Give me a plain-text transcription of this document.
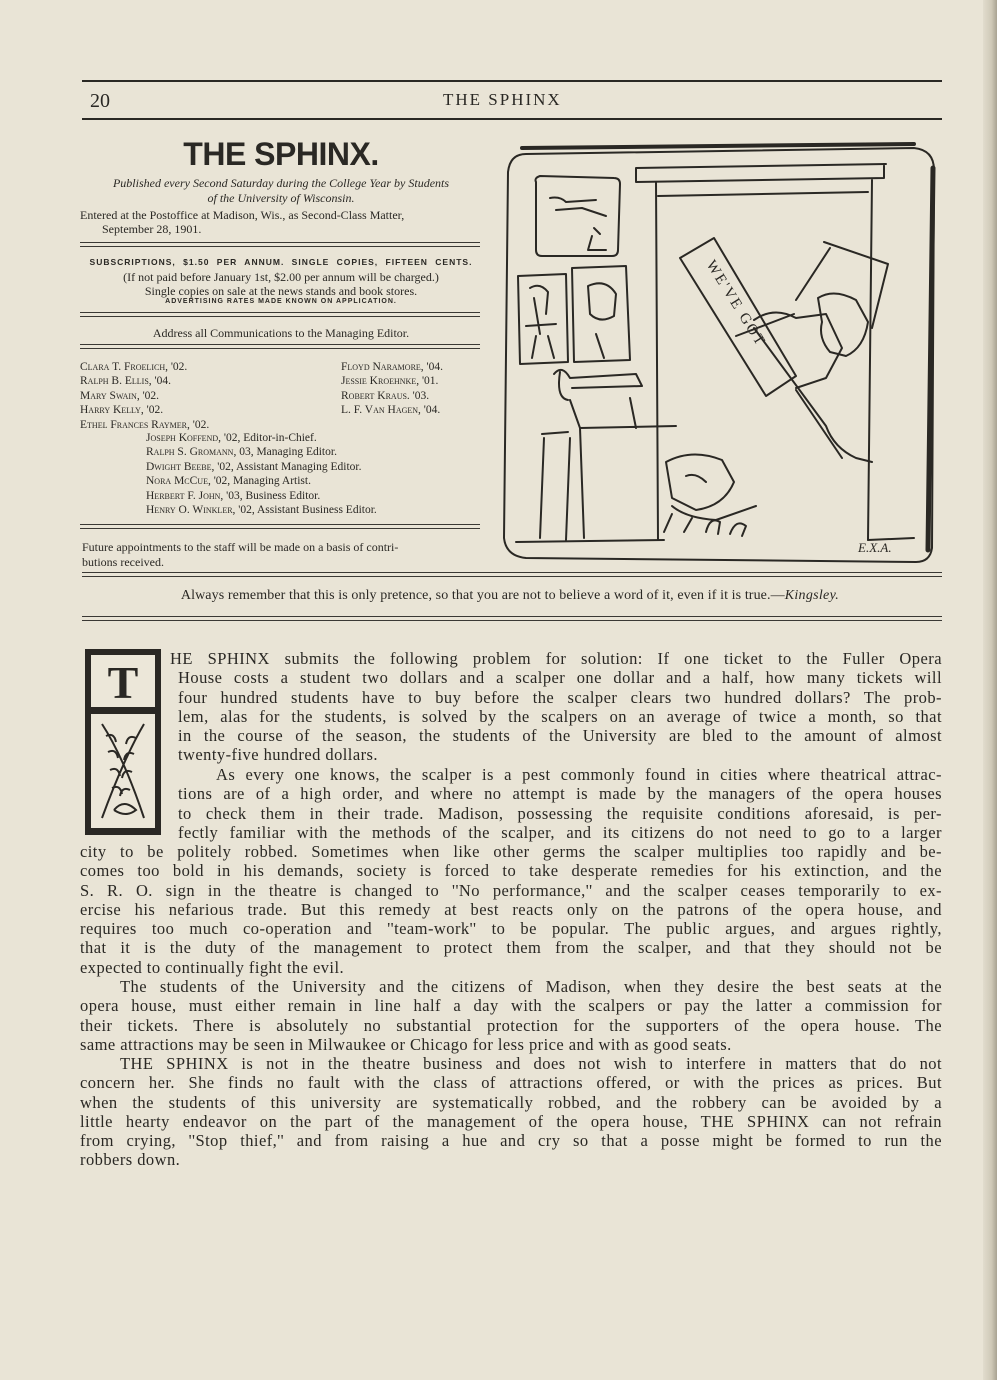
20	THE SPHINX
THE SPHINX.
Published every Second Saturday during the College Year by Students
of the University of Wisconsin.
Entered at the Postoffice at Madison, Wis., as Second-Class Matter,
September 28, 1901.
SUBSCRIPTIONS, $1.50 PER ANNUM. SINGLE COPIES, FIFTEEN CENTS.
(If not paid before January 1st, $2.00 per annum will be charged.)
Single copies on sale at the news stands and book stores.
ADVERTISING RATES MADE KNOWN ON APPLICATION.
Address all Communications to the Managing Editor.
Clara T. Froelich, '02.
Ralph B. Ellis, '04.
Mary Swain, '02.
Harry Kelly, '02.
Ethel Frances Raymer, '02.
Floyd Naramore, '04.
Jessie Kroehnke, '01.
Robert Kraus. '03.
L. F. Van Hagen, '04.
Joseph Koffend, '02, Editor-in-Chief.
Ralph S. Gromann, 03, Managing Editor.
Dwight Beebe, '02, Assistant Managing Editor.
Nora McCue, '02, Managing Artist.
Herbert F. John, '03, Business Editor.
Henry O. Winkler, '02, Assistant Business Editor.
Future appointments to the staff will be made on a basis of contri-
butions received.
WE'VE GOT
E.X.A.
Always remember that this is only pretence, so that you are not to believe a word of it, even if it is true.—Kingsley.
T HE SPHINX submits the following problem for solution: If one ticket to the Fuller Opera
House costs a student two dollars and a scalper one dollar and a half, how many tickets will
four hundred students have to buy before the scalper clears two hundred dollars? The prob-
lem, alas for the students, is solved by the scalpers on an average of twice a month, so that
in the course of the season, the students of the University are bled to the amount of almost
twenty-five hundred dollars.
As every one knows, the scalper is a pest commonly found in cities where theatrical attrac-
tions are of a high order, and where no attempt is made by the managers of the opera houses
to check them in their trade. Madison, possessing the requisite conditions aforesaid, is per-
fectly familiar with the methods of the scalper, and its citizens do not need to go to a larger
city to be politely robbed. Sometimes when like other germs the scalper multiplies too rapidly and be-
comes too bold in his demands, society is forced to take desperate remedies for his extinction, and the
S. R. O. sign in the theatre is changed to ''No performance,'' and the scalper ceases temporarily to ex-
ercise his nefarious trade. But this remedy at best reacts only on the patrons of the opera house, and
requires too much co-operation and ''team-work'' to be popular. The public argues, and argues rightly,
that it is the duty of the management to protect them from the scalper, and that they should not be
expected to continually fight the evil.
The students of the University and the citizens of Madison, when they desire the best seats at the
opera house, must either remain in line half a day with the scalpers or pay the latter a commission for
their tickets. There is absolutely no substantial protection for the supporters of the opera house. The
same attractions may be seen in Milwaukee or Chicago for less price and with as good seats.
THE SPHINX is not in the theatre business and does not wish to interfere in matters that do not
concern her. She finds no fault with the class of attractions offered, or with the prices as prices. But
when the students of this university are systematically robbed, and the robbery can be avoided by a
little hearty endeavor on the part of the management of the opera house, THE SPHINX can not refrain
from crying, ''Stop thief,'' and from raising a hue and cry so that a posse might be formed to run the
robbers down.
